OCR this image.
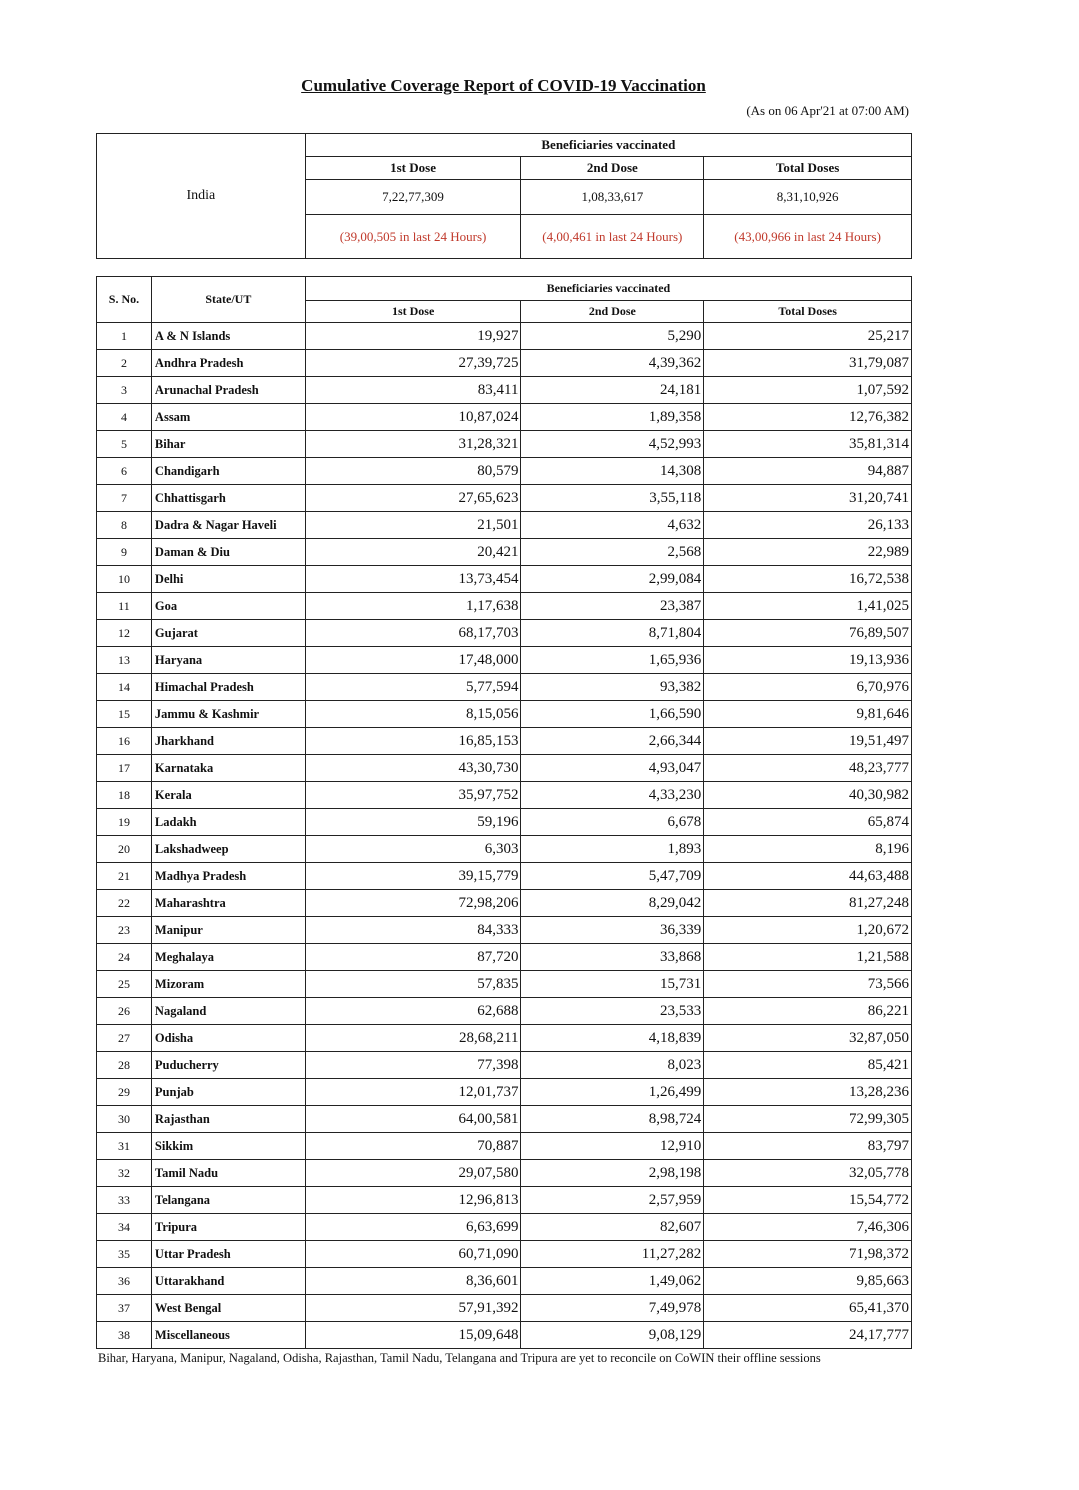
Cumulative Coverage Report of COVID-19 Vaccination
(As on 06 Apr'21 at 07:00 AM)
India	Beneficiaries vaccinated		
	1st Dose	2nd Dose	Total Doses
	7,22,77,309	1,08,33,617	8,31,10,926
	(39,00,505 in last 24 Hours)	(4,00,461 in last 24 Hours)	(43,00,966 in last 24 Hours)
S. No.	State/UT	Beneficiaries vaccinated		
		1st Dose	2nd Dose	Total Doses
1	A & N Islands	19,927	5,290	25,217
2	Andhra Pradesh	27,39,725	4,39,362	31,79,087
3	Arunachal Pradesh	83,411	24,181	1,07,592
4	Assam	10,87,024	1,89,358	12,76,382
5	Bihar	31,28,321	4,52,993	35,81,314
6	Chandigarh	80,579	14,308	94,887
7	Chhattisgarh	27,65,623	3,55,118	31,20,741
8	Dadra & Nagar Haveli	21,501	4,632	26,133
9	Daman & Diu	20,421	2,568	22,989
10	Delhi	13,73,454	2,99,084	16,72,538
11	Goa	1,17,638	23,387	1,41,025
12	Gujarat	68,17,703	8,71,804	76,89,507
13	Haryana	17,48,000	1,65,936	19,13,936
14	Himachal Pradesh	5,77,594	93,382	6,70,976
15	Jammu & Kashmir	8,15,056	1,66,590	9,81,646
16	Jharkhand	16,85,153	2,66,344	19,51,497
17	Karnataka	43,30,730	4,93,047	48,23,777
18	Kerala	35,97,752	4,33,230	40,30,982
19	Ladakh	59,196	6,678	65,874
20	Lakshadweep	6,303	1,893	8,196
21	Madhya Pradesh	39,15,779	5,47,709	44,63,488
22	Maharashtra	72,98,206	8,29,042	81,27,248
23	Manipur	84,333	36,339	1,20,672
24	Meghalaya	87,720	33,868	1,21,588
25	Mizoram	57,835	15,731	73,566
26	Nagaland	62,688	23,533	86,221
27	Odisha	28,68,211	4,18,839	32,87,050
28	Puducherry	77,398	8,023	85,421
29	Punjab	12,01,737	1,26,499	13,28,236
30	Rajasthan	64,00,581	8,98,724	72,99,305
31	Sikkim	70,887	12,910	83,797
32	Tamil Nadu	29,07,580	2,98,198	32,05,778
33	Telangana	12,96,813	2,57,959	15,54,772
34	Tripura	6,63,699	82,607	7,46,306
35	Uttar Pradesh	60,71,090	11,27,282	71,98,372
36	Uttarakhand	8,36,601	1,49,062	9,85,663
37	West Bengal	57,91,392	7,49,978	65,41,370
38	Miscellaneous	15,09,648	9,08,129	24,17,777
Bihar, Haryana, Manipur, Nagaland, Odisha, Rajasthan, Tamil Nadu, Telangana and Tripura are yet to reconcile on CoWIN their offline sessions
